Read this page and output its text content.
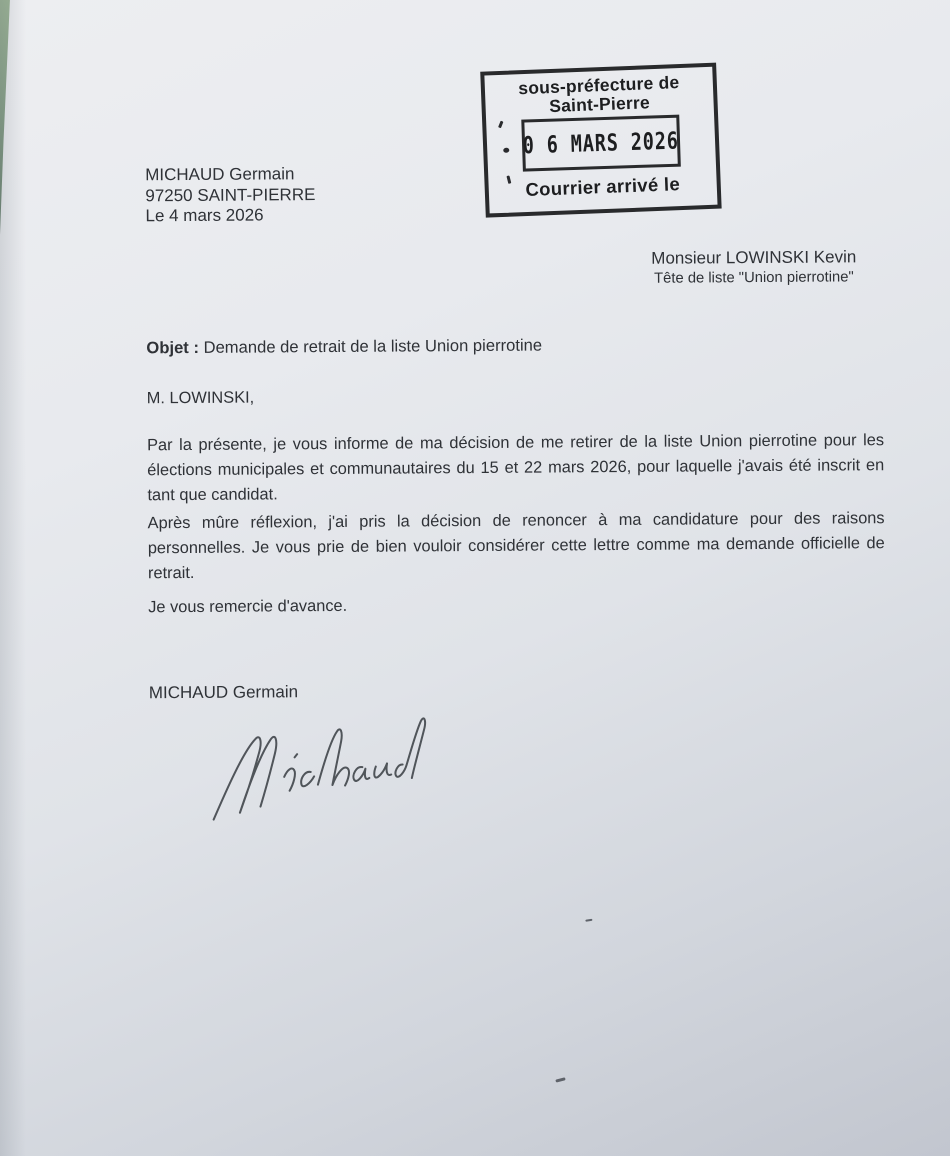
sous-préfecture de
Saint-Pierre
0 6 MARS 2026
Courrier arrivé le
MICHAUD Germain
97250 SAINT-PIERRE
Le 4 mars 2026
Monsieur LOWINSKI Kevin
Tête de liste "Union pierrotine"
Objet : Demande de retrait de la liste Union pierrotine
M. LOWINSKI,
Par la présente, je vous informe de ma décision de me retirer de la liste Union pierrotine pour les élections municipales et communautaires du 15 et 22 mars 2026, pour laquelle j'avais été inscrit en tant que candidat.
Après mûre réflexion, j'ai pris la décision de renoncer à ma candidature pour des raisons personnelles. Je vous prie de bien vouloir considérer cette lettre comme ma demande officielle de retrait.
Je vous remercie d'avance.
MICHAUD Germain
